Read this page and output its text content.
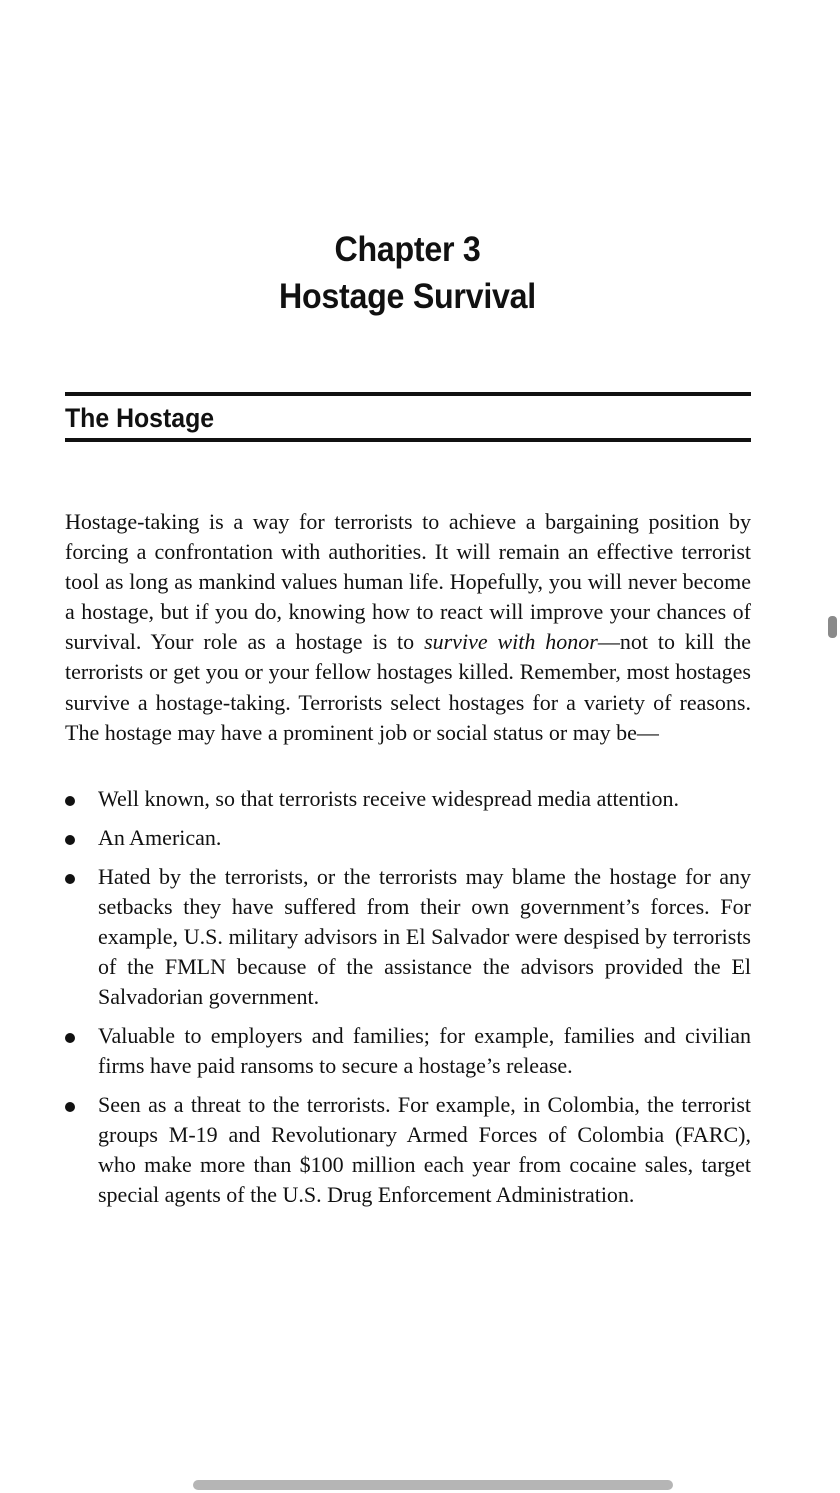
Chapter 3
Hostage Survival
The Hostage

Hostage-taking is a way for terrorists to achieve a bargaining position by forcing a confrontation with authorities. It will remain an effective terrorist tool as long as mankind values human life. Hopefully, you will never become a hostage, but if you do, knowing how to react will improve your chances of survival. Your role as a hostage is to survive with honor—not to kill the terrorists or get you or your fellow hostages killed. Remember, most hostages survive a hostage-taking. Terrorists select hostages for a variety of reasons. The hostage may have a prominent job or social status or may be—

Well known, so that terrorists receive widespread media attention.
An American.
Hated by the terrorists, or the terrorists may blame the hostage for any setbacks they have suffered from their own government’s forces. For example, U.S. military advisors in El Salvador were despised by terrorists of the FMLN because of the assistance the advisors provided the El Salvadorian government.
Valuable to employers and families; for example, families and civilian firms have paid ransoms to secure a hostage’s release.
Seen as a threat to the terrorists. For example, in Colombia, the terrorist groups M-19 and Revolutionary Armed Forces of Colombia (FARC), who make more than $100 million each year from cocaine sales, target special agents of the U.S. Drug Enforcement Administration.
